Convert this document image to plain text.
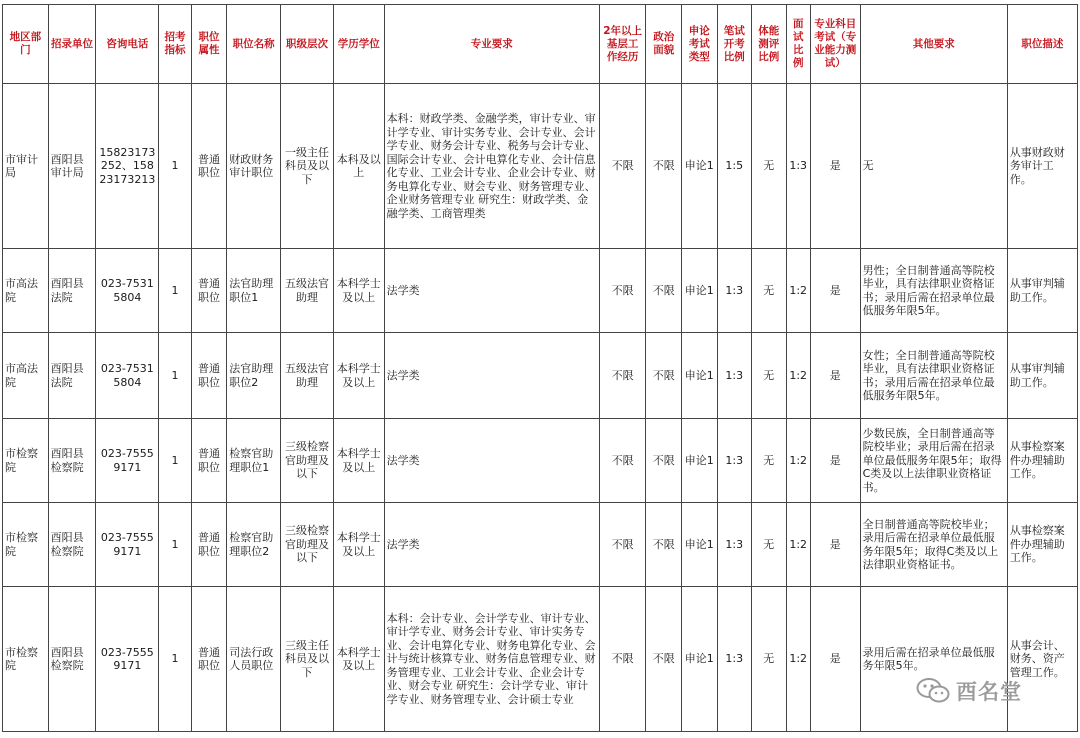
地区部门	招录单位	咨询电话	招考指标	职位属性	职位名称	职级层次	学历学位	专业要求	2年以上基层工作经历	政治面貌	申论考试类型	笔试开考比例	体能测评比例	面试比例	专业科目考试（专业能力测试）	其他要求	职位描述
市审计局	酉阳县审计局	15823173252、15823173213	1	普通职位	财政财务审计职位	一级主任科员及以下	本科及以上	本科：财政学类、金融学类，审计专业、审计学专业、审计实务专业、会计专业、会计学专业、财务会计专业、税务与会计专业、国际会计专业、会计电算化专业、会计信息化专业、工业会计专业、企业会计专业、财务电算化专业、财会专业、财务管理专业、企业财务管理专业 研究生：财政学类、金融学类、工商管理类	不限	不限	申论1	1:5	无	1:3	是	无	从事财政财务审计工作。
市高法院	酉阳县法院	023-75315804	1	普通职位	法官助理职位1	五级法官助理	本科学士及以上	法学类	不限	不限	申论1	1:3	无	1:2	是	男性；全日制普通高等院校毕业，具有法律职业资格证书；录用后需在招录单位最低服务年限5年。	从事审判辅助工作。
市高法院	酉阳县法院	023-75315804	1	普通职位	法官助理职位2	五级法官助理	本科学士及以上	法学类	不限	不限	申论1	1:3	无	1:2	是	女性；全日制普通高等院校毕业，具有法律职业资格证书；录用后需在招录单位最低服务年限5年。	从事审判辅助工作。
市检察院	酉阳县检察院	023-75559171	1	普通职位	检察官助理职位1	三级检察官助理及以下	本科学士及以上	法学类	不限	不限	申论1	1:3	无	1:2	是	少数民族，全日制普通高等院校毕业；录用后需在招录单位最低服务年限5年；取得C类及以上法律职业资格证书。	从事检察案件办理辅助工作。
市检察院	酉阳县检察院	023-75559171	1	普通职位	检察官助理职位2	三级检察官助理及以下	本科学士及以上	法学类	不限	不限	申论1	1:3	无	1:2	是	全日制普通高等院校毕业；录用后需在招录单位最低服务年限5年；取得C类及以上法律职业资格证书。	从事检察案件办理辅助工作。
市检察院	酉阳县检察院	023-75559171	1	普通职位	司法行政人员职位	三级主任科员及以下	本科学士及以上	本科：会计专业、会计学专业、审计专业、审计学专业、财务会计专业、审计实务专业、会计电算化专业、财务电算化专业、会计与统计核算专业、财务信息管理专业、财务管理专业、工业会计专业、企业会计专业、财会专业 研究生：会计学专业、审计学专业、财务管理专业、会计硕士专业	不限	不限	申论1	1:3	无	1:2	是	录用后需在招录单位最低服务年限5年。	从事会计、财务、资产管理工作。
酉名堂
